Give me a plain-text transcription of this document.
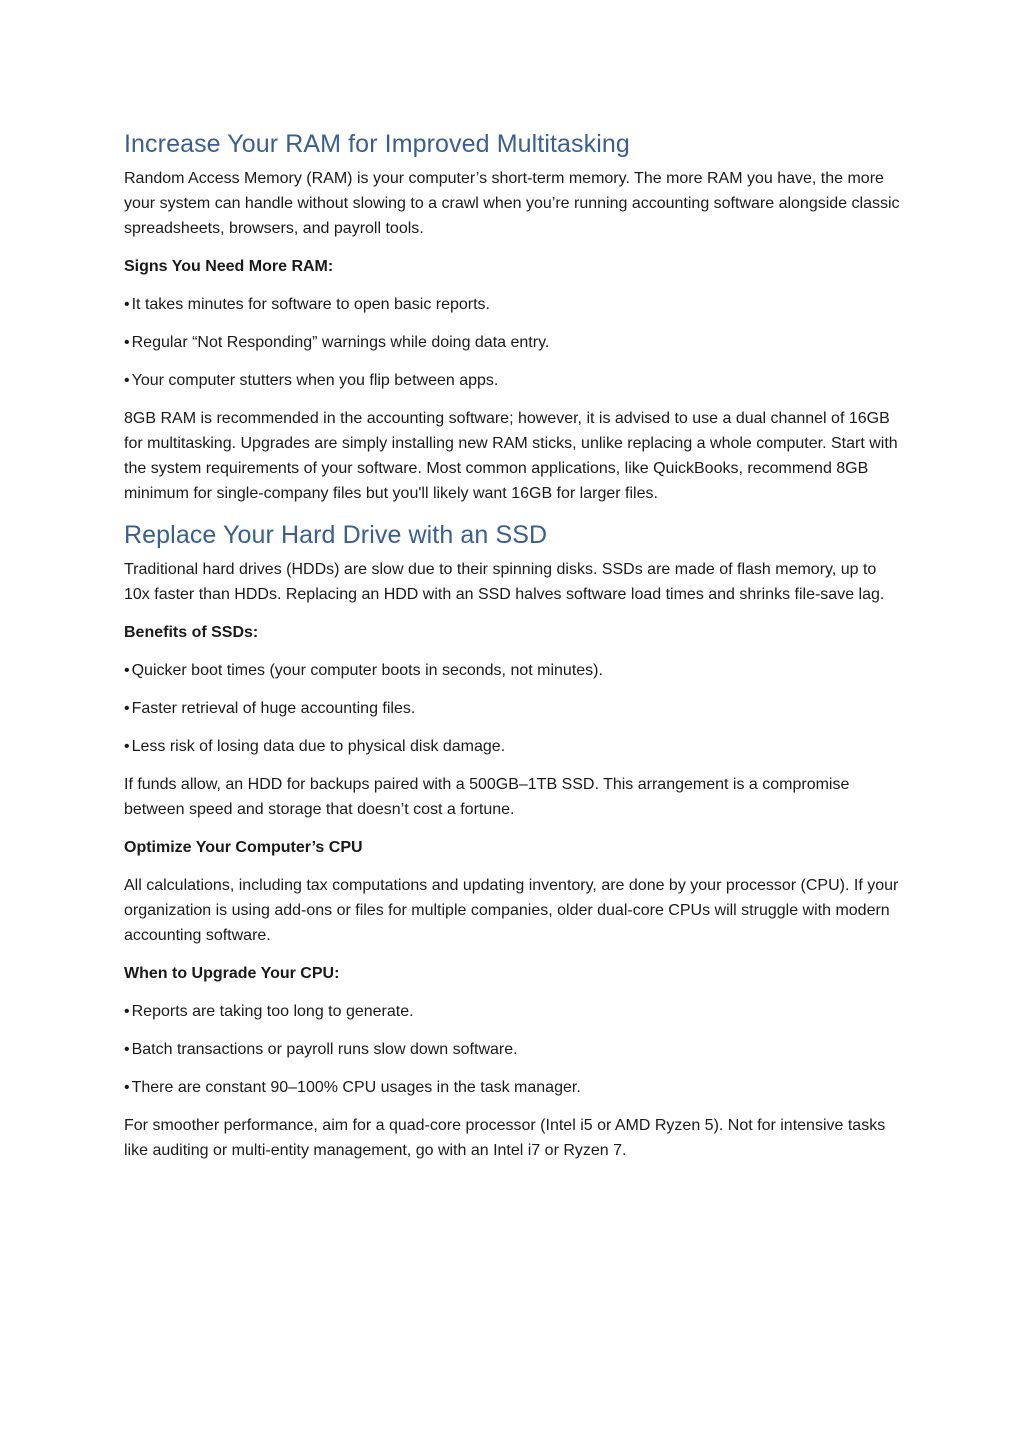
Increase Your RAM for Improved Multitasking

Random Access Memory (RAM) is your computer’s short-term memory. The more RAM you have, the more your system can handle without slowing to a crawl when you’re running accounting software alongside classic spreadsheets, browsers, and payroll tools.

Signs You Need More RAM:

• It takes minutes for software to open basic reports.
• Regular “Not Responding” warnings while doing data entry.
• Your computer stutters when you flip between apps.

8GB RAM is recommended in the accounting software; however, it is advised to use a dual channel of 16GB for multitasking. Upgrades are simply installing new RAM sticks, unlike replacing a whole computer. Start with the system requirements of your software. Most common applications, like QuickBooks, recommend 8GB minimum for single-company files but you'll likely want 16GB for larger files.

Replace Your Hard Drive with an SSD

Traditional hard drives (HDDs) are slow due to their spinning disks. SSDs are made of flash memory, up to 10x faster than HDDs. Replacing an HDD with an SSD halves software load times and shrinks file-save lag.

Benefits of SSDs:

• Quicker boot times (your computer boots in seconds, not minutes).
• Faster retrieval of huge accounting files.
• Less risk of losing data due to physical disk damage.

If funds allow, an HDD for backups paired with a 500GB–1TB SSD. This arrangement is a compromise between speed and storage that doesn’t cost a fortune.

Optimize Your Computer’s CPU

All calculations, including tax computations and updating inventory, are done by your processor (CPU). If your organization is using add-ons or files for multiple companies, older dual-core CPUs will struggle with modern accounting software.

When to Upgrade Your CPU:

• Reports are taking too long to generate.
• Batch transactions or payroll runs slow down software.
• There are constant 90–100% CPU usages in the task manager.

For smoother performance, aim for a quad-core processor (Intel i5 or AMD Ryzen 5). Not for intensive tasks like auditing or multi-entity management, go with an Intel i7 or Ryzen 7.
